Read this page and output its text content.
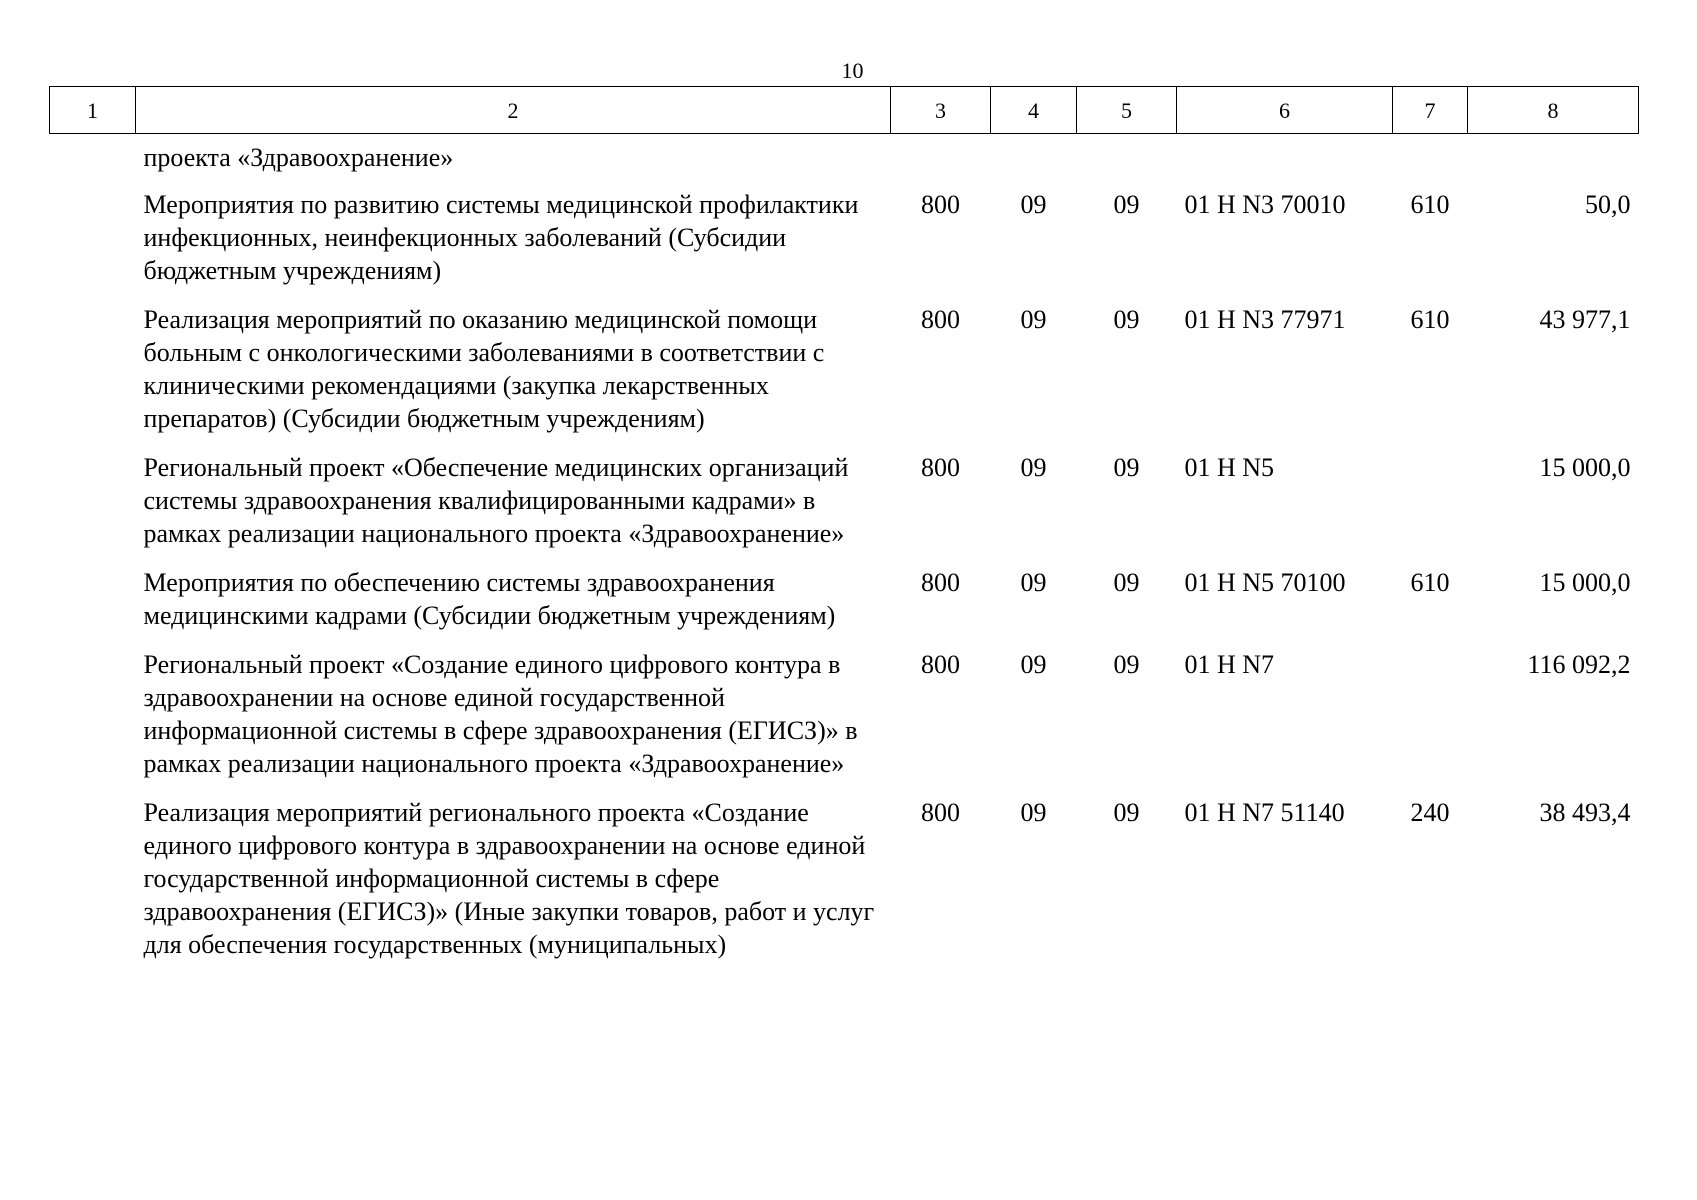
10
1	2	3	4	5	6	7	8
	проекта «Здравоохранение»						
	Мероприятия по развитию системы медицинской профилактики инфекционных, неинфекционных заболеваний (Субсидии бюджетным учреждениям)	800	09	09	01 Н N3 70010	610	50,0
	Реализация мероприятий по оказанию медицинской помощи больным с онкологическими заболеваниями в соответствии с клиническими рекомендациями (закупка лекарственных препаратов) (Субсидии бюджетным учреждениям)	800	09	09	01 Н N3 77971	610	43 977,1
	Региональный проект «Обеспечение медицинских организаций системы здравоохранения квалифицированными кадрами» в рамках реализации национального проекта «Здравоохранение»	800	09	09	01 Н N5		15 000,0
	Мероприятия по обеспечению системы здравоохранения медицинскими кадрами (Субсидии бюджетным учреждениям)	800	09	09	01 Н N5 70100	610	15 000,0
	Региональный проект «Создание единого цифрового контура в здравоохранении на основе единой государственной информационной системы в сфере здравоохранения (ЕГИСЗ)» в рамках реализации национального проекта «Здравоохранение»	800	09	09	01 Н N7		116 092,2
	Реализация мероприятий регионального проекта «Создание единого цифрового контура в здравоохранении на основе единой государственной информационной системы в сфере здравоохранения (ЕГИСЗ)» (Иные закупки товаров, работ и услуг для обеспечения государственных (муниципальных)	800	09	09	01 Н N7 51140	240	38 493,4
